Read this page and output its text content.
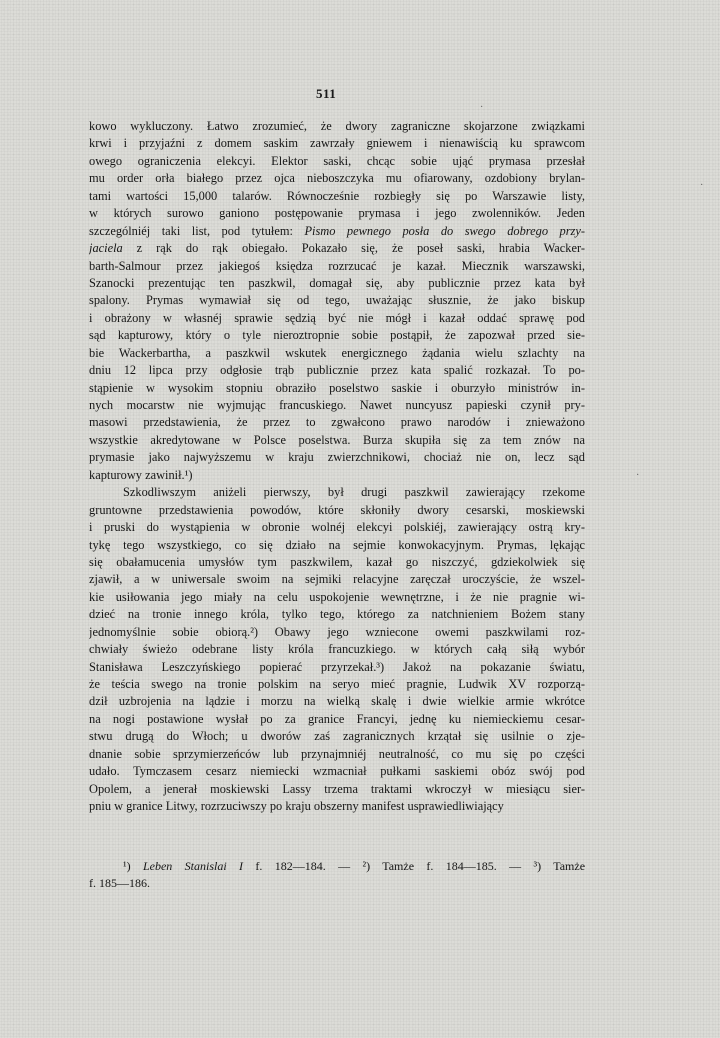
511
kowo wykluczony. Łatwo zrozumieć, że dwory zagraniczne skojarzone związkami
krwi i przyjaźni z domem saskim zawrzały gniewem i nienawiścią ku sprawcom
owego ograniczenia elekcyi. Elektor saski, chcąc sobie ująć prymasa przesłał
mu order orła białego przez ojca nieboszczyka mu ofiarowany, ozdobiony brylan-
tami wartości 15,000 talarów. Równocześnie rozbiegły się po Warszawie listy,
w których surowo ganiono postępowanie prymasa i jego zwolenników. Jeden
szczególniéj taki list, pod tytułem: Pismo pewnego posła do swego dobrego przy-
jaciela z rąk do rąk obiegało. Pokazało się, że poseł saski, hrabia Wacker-
barth-Salmour przez jakiegoś księdza rozrzucać je kazał. Miecznik warszawski,
Szanocki prezentując ten paszkwil, domagał się, aby publicznie przez kata był
spalony. Prymas wymawiał się od tego, uważając słusznie, że jako biskup
i obrażony w własnéj sprawie sędzią być nie mógł i kazał oddać sprawę pod
sąd kapturowy, który o tyle nieroztropnie sobie postąpił, że zapozwał przed sie-
bie Wackerbartha, a paszkwil wskutek energicznego żądania wielu szlachty na
dniu 12 lipca przy odgłosie trąb publicznie przez kata spalić rozkazał. To po-
stąpienie w wysokim stopniu obraziło poselstwo saskie i oburzyło ministrów in-
nych mocarstw nie wyjmując francuskiego. Nawet nuncyusz papieski czynił pry-
masowi przedstawienia, że przez to zgwałcono prawo narodów i znieważono
wszystkie akredytowane w Polsce poselstwa. Burza skupiła się za tem znów na
prymasie jako najwyższemu w kraju zwierzchnikowi, chociaż nie on, lecz sąd
kapturowy zawinił.¹)
Szkodliwszym aniżeli pierwszy, był drugi paszkwil zawierający rzekome
gruntowne przedstawienia powodów, które skłoniły dwory cesarski, moskiewski
i pruski do wystąpienia w obronie wolnéj elekcyi polskiéj, zawierający ostrą kry-
tykę tego wszystkiego, co się działo na sejmie konwokacyjnym. Prymas, lękając
się obałamucenia umysłów tym paszkwilem, kazał go niszczyć, gdziekolwiek się
zjawił, a w uniwersale swoim na sejmiki relacyjne zaręczał uroczyście, że wszel-
kie usiłowania jego miały na celu uspokojenie wewnętrzne, i że nie pragnie wi-
dzieć na tronie innego króla, tylko tego, którego za natchnieniem Bożem stany
jednomyślnie sobie obiorą.²) Obawy jego wzniecone owemi paszkwilami roz-
chwiały świeżo odebrane listy króla francuzkiego. w których całą siłą wybór
Stanisława Leszczyńskiego popierać przyrzekał.³) Jakoż na pokazanie światu,
że teścia swego na tronie polskim na seryo mieć pragnie, Ludwik XV rozporzą-
dził uzbrojenia na lądzie i morzu na wielką skalę i dwie wielkie armie wkrótce
na nogi postawione wysłał po za granice Francyi, jednę ku niemieckiemu cesar-
stwu drugą do Włoch; u dworów zaś zagranicznych krzątał się usilnie o zje-
dnanie sobie sprzymierzeńców lub przynajmniéj neutralność, co mu się po części
udało. Tymczasem cesarz niemiecki wzmacniał pułkami saskiemi obóz swój pod
Opolem, a jenerał moskiewski Lassy trzema traktami wkroczył w miesiącu sier-
pniu w granice Litwy, rozrzuciwszy po kraju obszerny manifest usprawiedliwiający
¹) Leben Stanislai I f. 182—184. — ²) Tamże f. 184—185. — ³) Tamże
f. 185—186.
·
·
·
